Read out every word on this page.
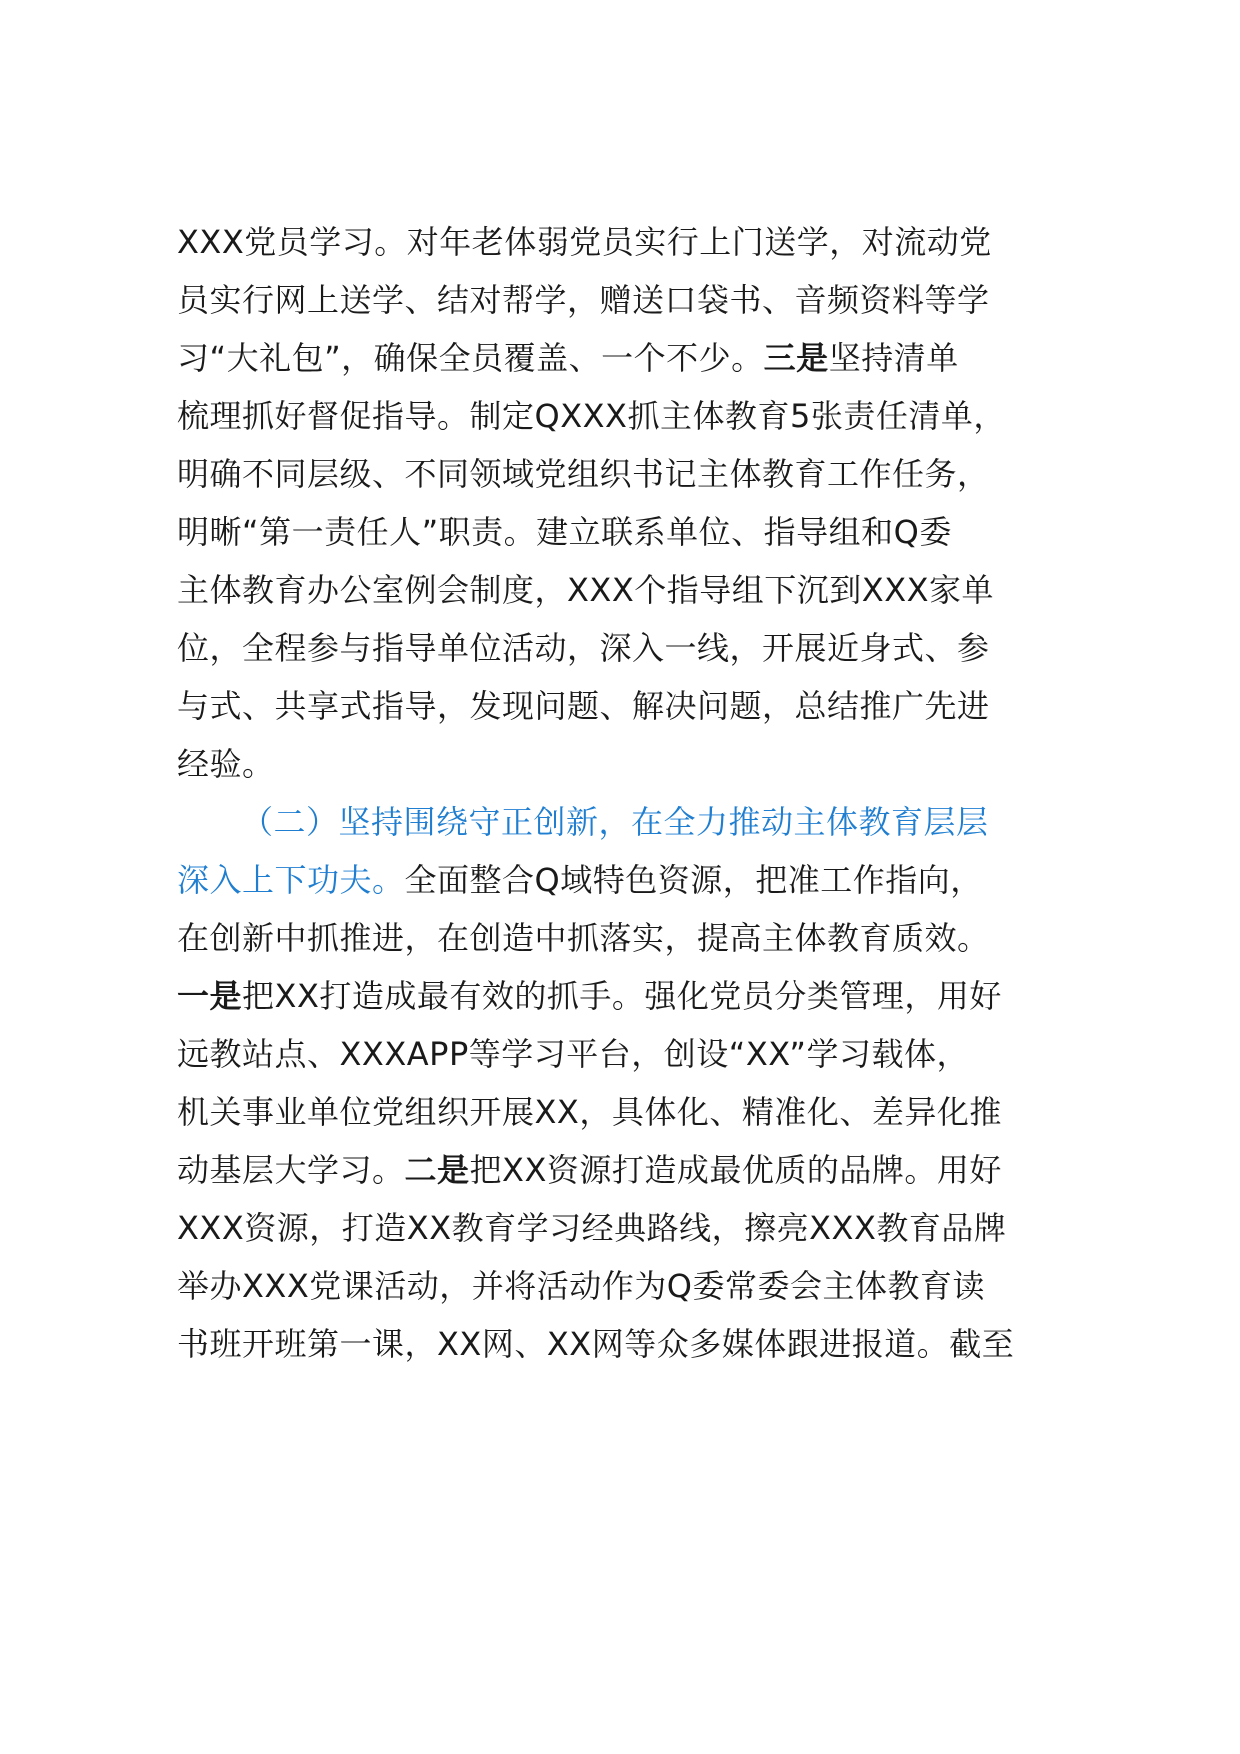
XXX党员学习。对年老体弱党员实行上门送学，对流动党
员实行网上送学、结对帮学，赠送口袋书、音频资料等学
习“大礼包”，确保全员覆盖、一个不少。三是坚持清单
梳理抓好督促指导。制定QXXX抓主体教育5张责任清单，
明确不同层级、不同领域党组织书记主体教育工作任务，
明晰“第一责任人”职责。建立联系单位、指导组和Q委
主体教育办公室例会制度，XXX个指导组下沉到XXX家单
位，全程参与指导单位活动，深入一线，开展近身式、参
与式、共享式指导，发现问题、解决问题，总结推广先进
经验。
（二）坚持围绕守正创新，在全力推动主体教育层层
深入上下功夫。全面整合Q域特色资源，把准工作指向，
在创新中抓推进，在创造中抓落实，提高主体教育质效。
一是把XX打造成最有效的抓手。强化党员分类管理，用好
远教站点、XXXAPP等学习平台，创设“XX”学习载体，
机关事业单位党组织开展XX，具体化、精准化、差异化推
动基层大学习。二是把XX资源打造成最优质的品牌。用好
XXX资源，打造XX教育学习经典路线，擦亮XXX教育品牌
举办XXX党课活动，并将活动作为Q委常委会主体教育读
书班开班第一课，XX网、XX网等众多媒体跟进报道。截至
